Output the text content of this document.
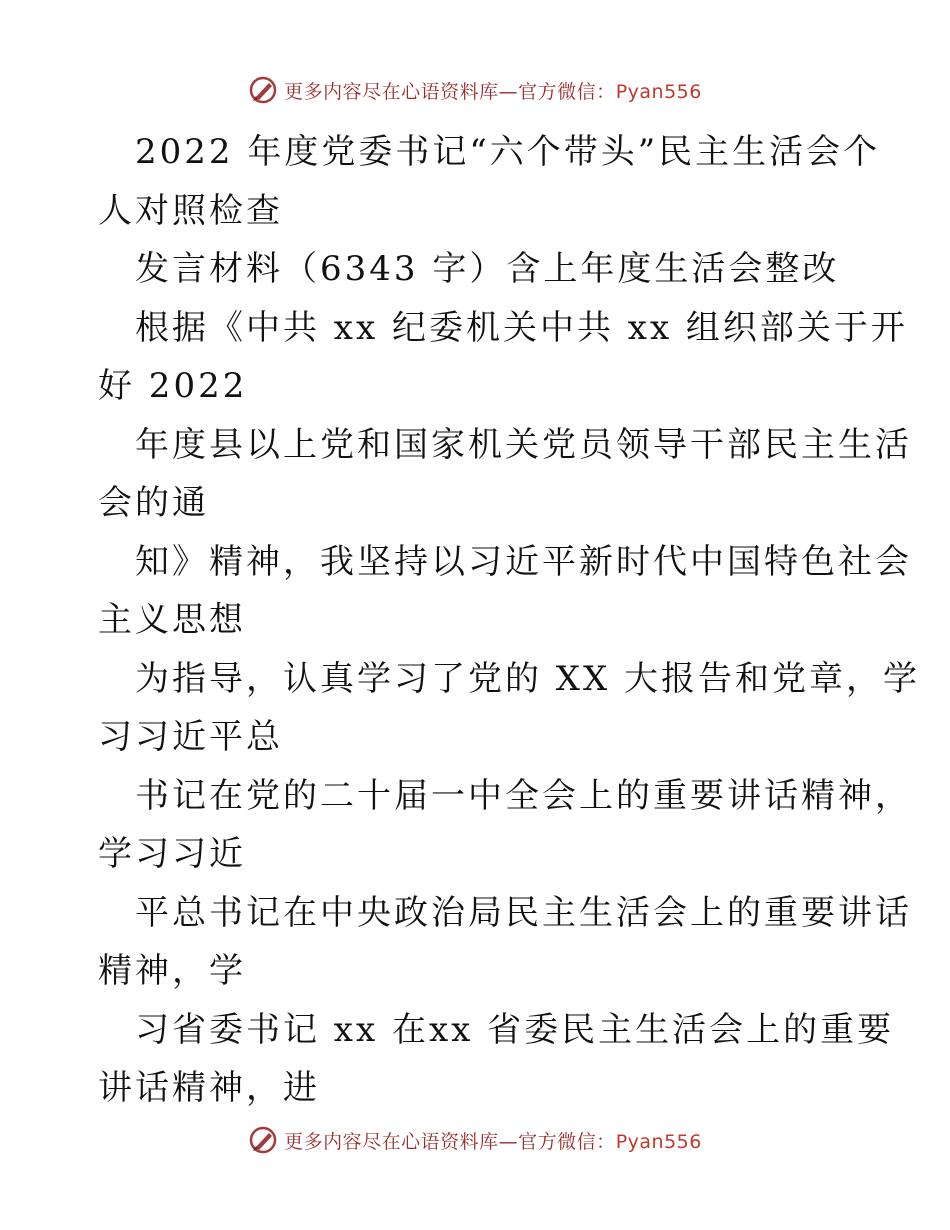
更多内容尽在心语资料库—官方微信：Pyan556
2022 年度党委书记“六个带头”民主生活会个
人对照检查
发言材料（6343 字）含上年度生活会整改
根据《中共 xx 纪委机关中共 xx 组织部关于开
好 2022
年度县以上党和国家机关党员领导干部民主生活
会的通
知》精神，我坚持以习近平新时代中国特色社会
主义思想
为指导，认真学习了党的 XX 大报告和党章，学
习习近平总
书记在党的二十届一中全会上的重要讲话精神，
学习习近
平总书记在中央政治局民主生活会上的重要讲话
精神，学
习省委书记 xx 在xx 省委民主生活会上的重要
讲话精神，进
更多内容尽在心语资料库—官方微信：Pyan556
